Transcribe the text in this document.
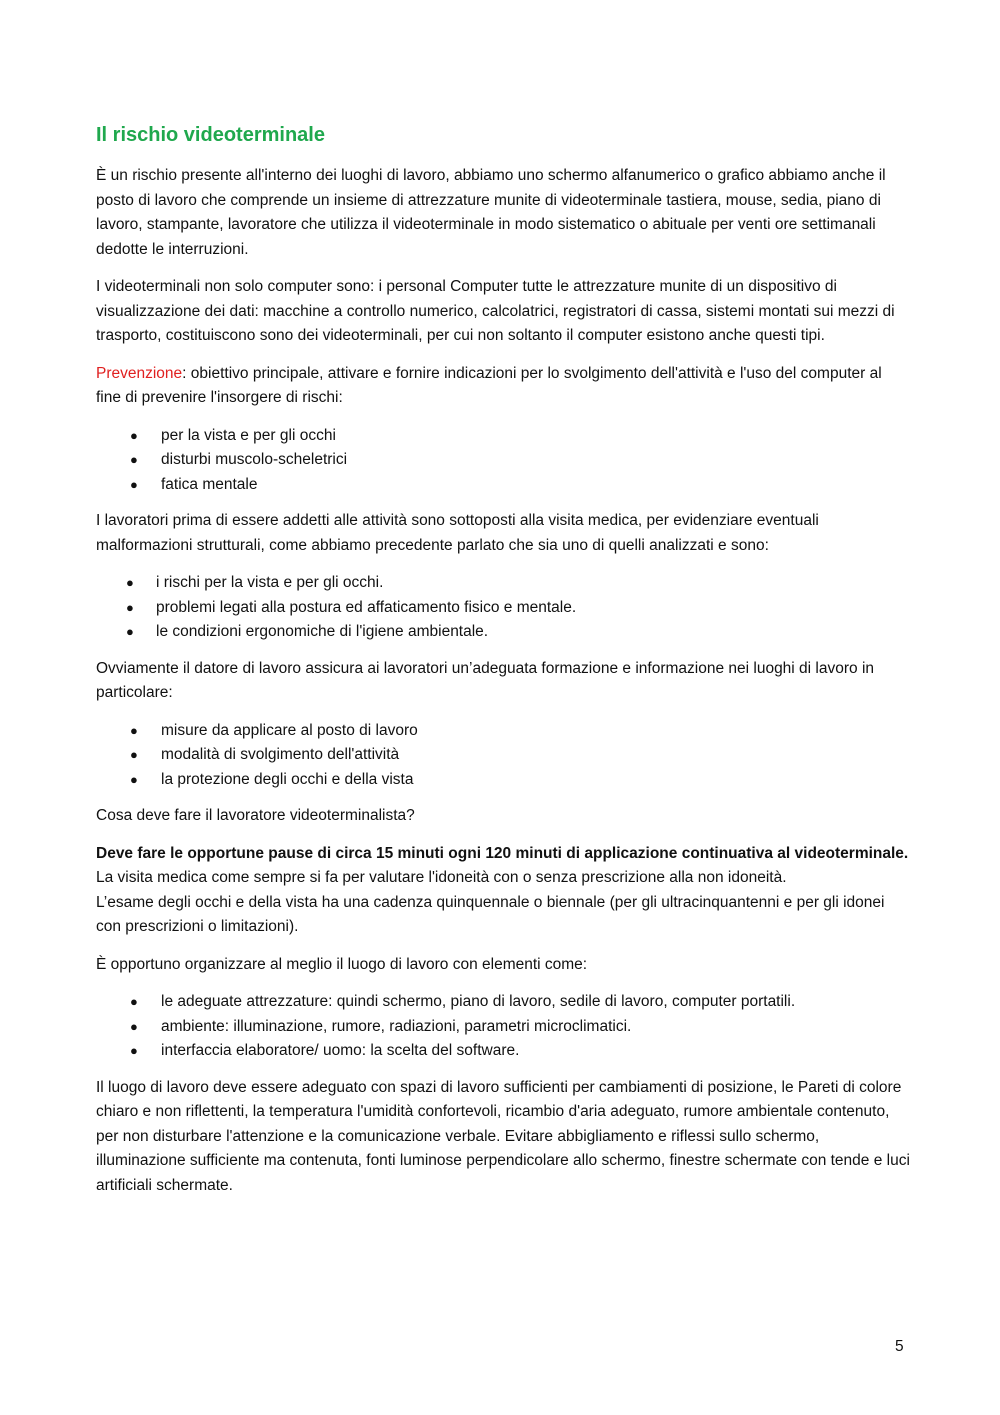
Il rischio videoterminale

È un rischio presente all'interno dei luoghi di lavoro, abbiamo uno schermo alfanumerico o grafico abbiamo anche il posto di lavoro che comprende un insieme di attrezzature munite di videoterminale tastiera, mouse, sedia, piano di lavoro, stampante, lavoratore che utilizza il videoterminale in modo sistematico o abituale per venti ore settimanali dedotte le interruzioni.

I videoterminali non solo computer sono: i personal Computer tutte le attrezzature munite di un dispositivo di visualizzazione dei dati: macchine a controllo numerico, calcolatrici, registratori di cassa, sistemi montati sui mezzi di trasporto, costituiscono sono dei videoterminali, per cui non soltanto il computer esistono anche questi tipi.

Prevenzione: obiettivo principale, attivare e fornire indicazioni per lo svolgimento dell'attività e l'uso del computer al fine di prevenire l'insorgere di rischi:

● per la vista e per gli occhi
● disturbi muscolo-scheletrici
● fatica mentale

I lavoratori prima di essere addetti alle attività sono sottoposti alla visita medica, per evidenziare eventuali malformazioni strutturali, come abbiamo precedente parlato che sia uno di quelli analizzati e sono:

● i rischi per la vista e per gli occhi.
● problemi legati alla postura ed affaticamento fisico e mentale.
● le condizioni ergonomiche di l'igiene ambientale.

Ovviamente il datore di lavoro assicura ai lavoratori un’adeguata formazione e informazione nei luoghi di lavoro in particolare:

● misure da applicare al posto di lavoro
● modalità di svolgimento dell'attività
● la protezione degli occhi e della vista

Cosa deve fare il lavoratore videoterminalista?

Deve fare le opportune pause di circa 15 minuti ogni 120 minuti di applicazione continuativa al videoterminale.

La visita medica come sempre si fa per valutare l'idoneità con o senza prescrizione alla non idoneità.

L’esame degli occhi e della vista ha una cadenza quinquennale o biennale (per gli ultracinquantenni e per gli idonei con prescrizioni o limitazioni).

È opportuno organizzare al meglio il luogo di lavoro con elementi come:

● le adeguate attrezzature: quindi schermo, piano di lavoro, sedile di lavoro, computer portatili.
● ambiente: illuminazione, rumore, radiazioni, parametri microclimatici.
● interfaccia elaboratore/ uomo: la scelta del software.

Il luogo di lavoro deve essere adeguato con spazi di lavoro sufficienti per cambiamenti di posizione, le Pareti di colore chiaro e non riflettenti, la temperatura l'umidità confortevoli, ricambio d'aria adeguato, rumore ambientale contenuto, per non disturbare l'attenzione e la comunicazione verbale. Evitare abbigliamento e riflessi sullo schermo, illuminazione sufficiente ma contenuta, fonti luminose perpendicolare allo schermo, finestre schermate con tende e luci artificiali schermate.

5
